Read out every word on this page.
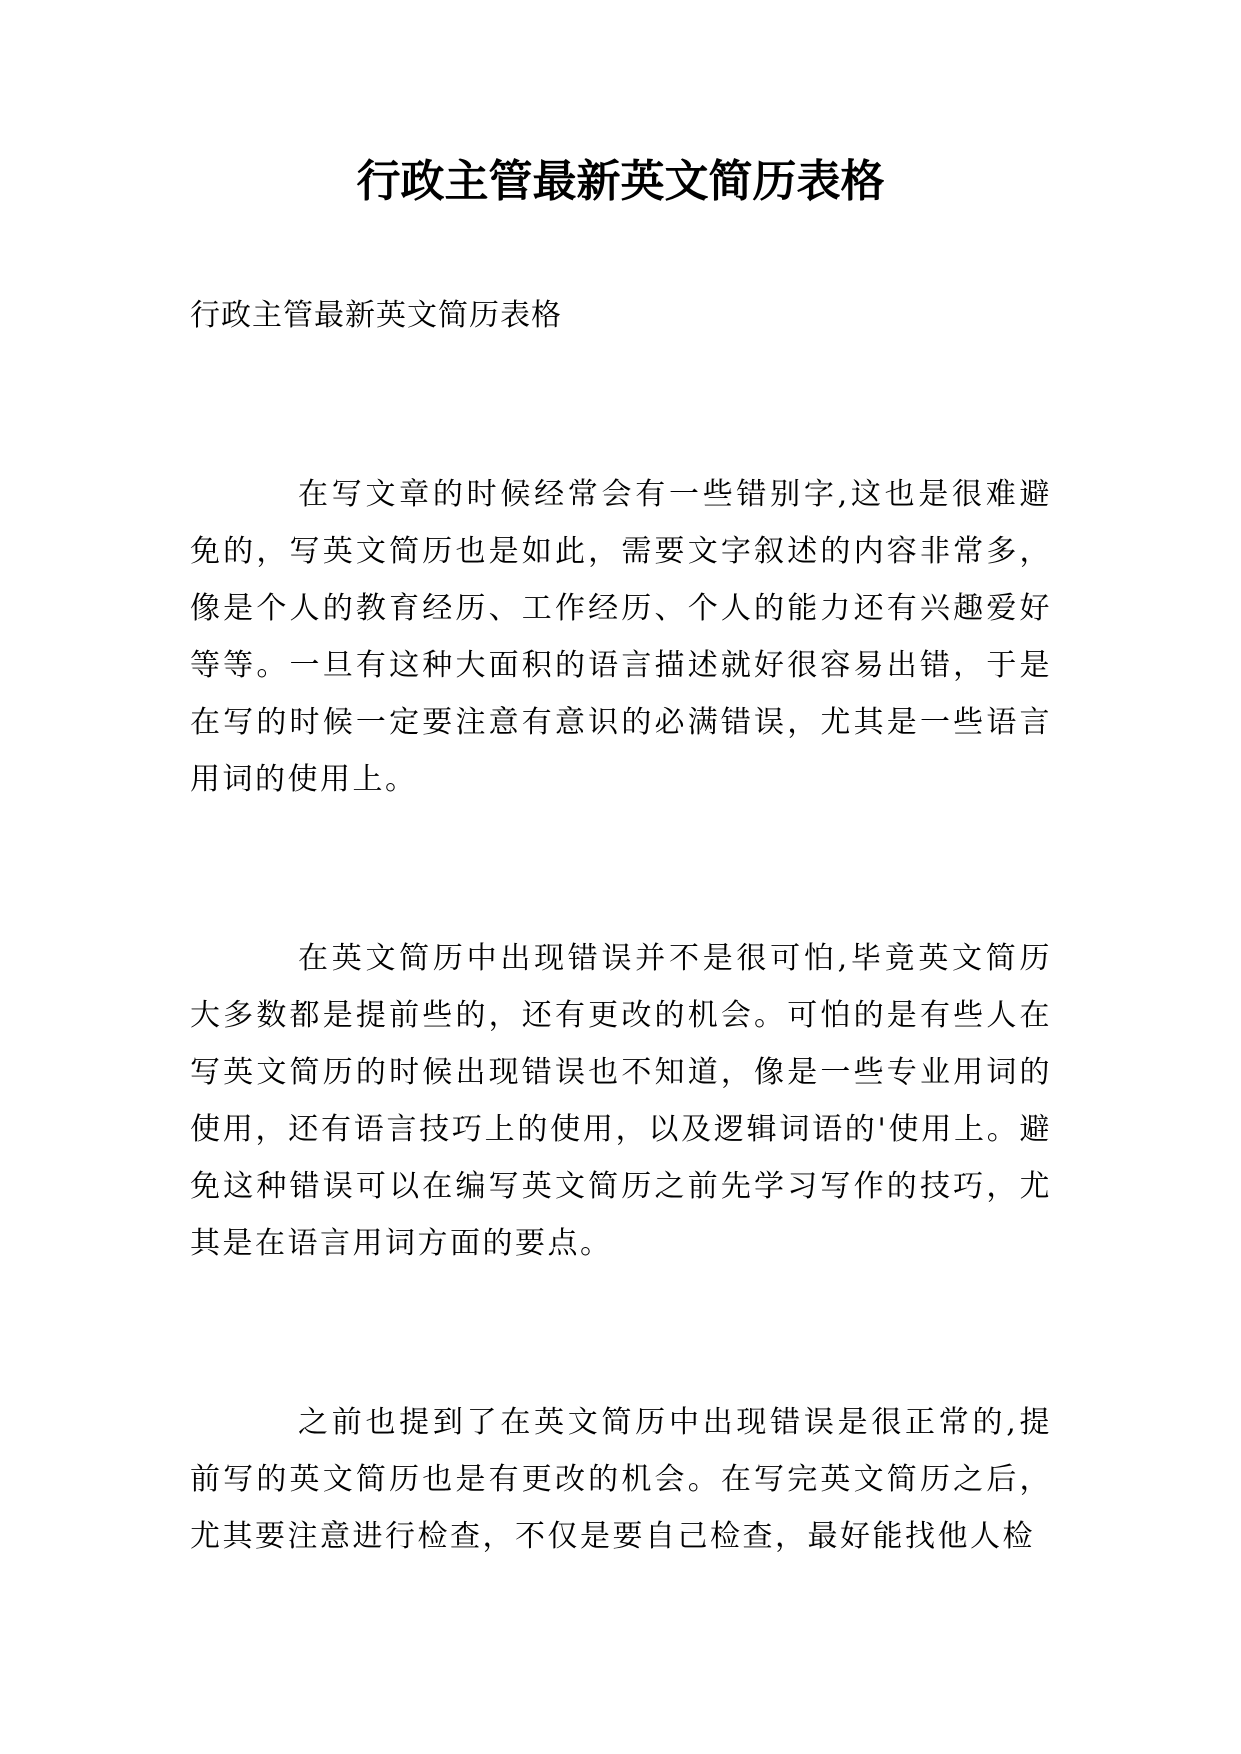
行政主管最新英文简历表格

行政主管最新英文简历表格

在写文章的时候经常会有一些错别字,这也是很难避免的，写英文简历也是如此，需要文字叙述的内容非常多，像是个人的教育经历、工作经历、个人的能力还有兴趣爱好等等。一旦有这种大面积的语言描述就好很容易出错，于是在写的时候一定要注意有意识的必满错误，尤其是一些语言用词的使用上。

在英文简历中出现错误并不是很可怕,毕竟英文简历大多数都是提前些的，还有更改的机会。可怕的是有些人在写英文简历的时候出现错误也不知道，像是一些专业用词的使用，还有语言技巧上的使用，以及逻辑词语的'使用上。避免这种错误可以在编写英文简历之前先学习写作的技巧，尤其是在语言用词方面的要点。

之前也提到了在英文简历中出现错误是很正常的,提前写的英文简历也是有更改的机会。在写完英文简历之后，尤其要注意进行检查，不仅是要自己检查，最好能找他人检
